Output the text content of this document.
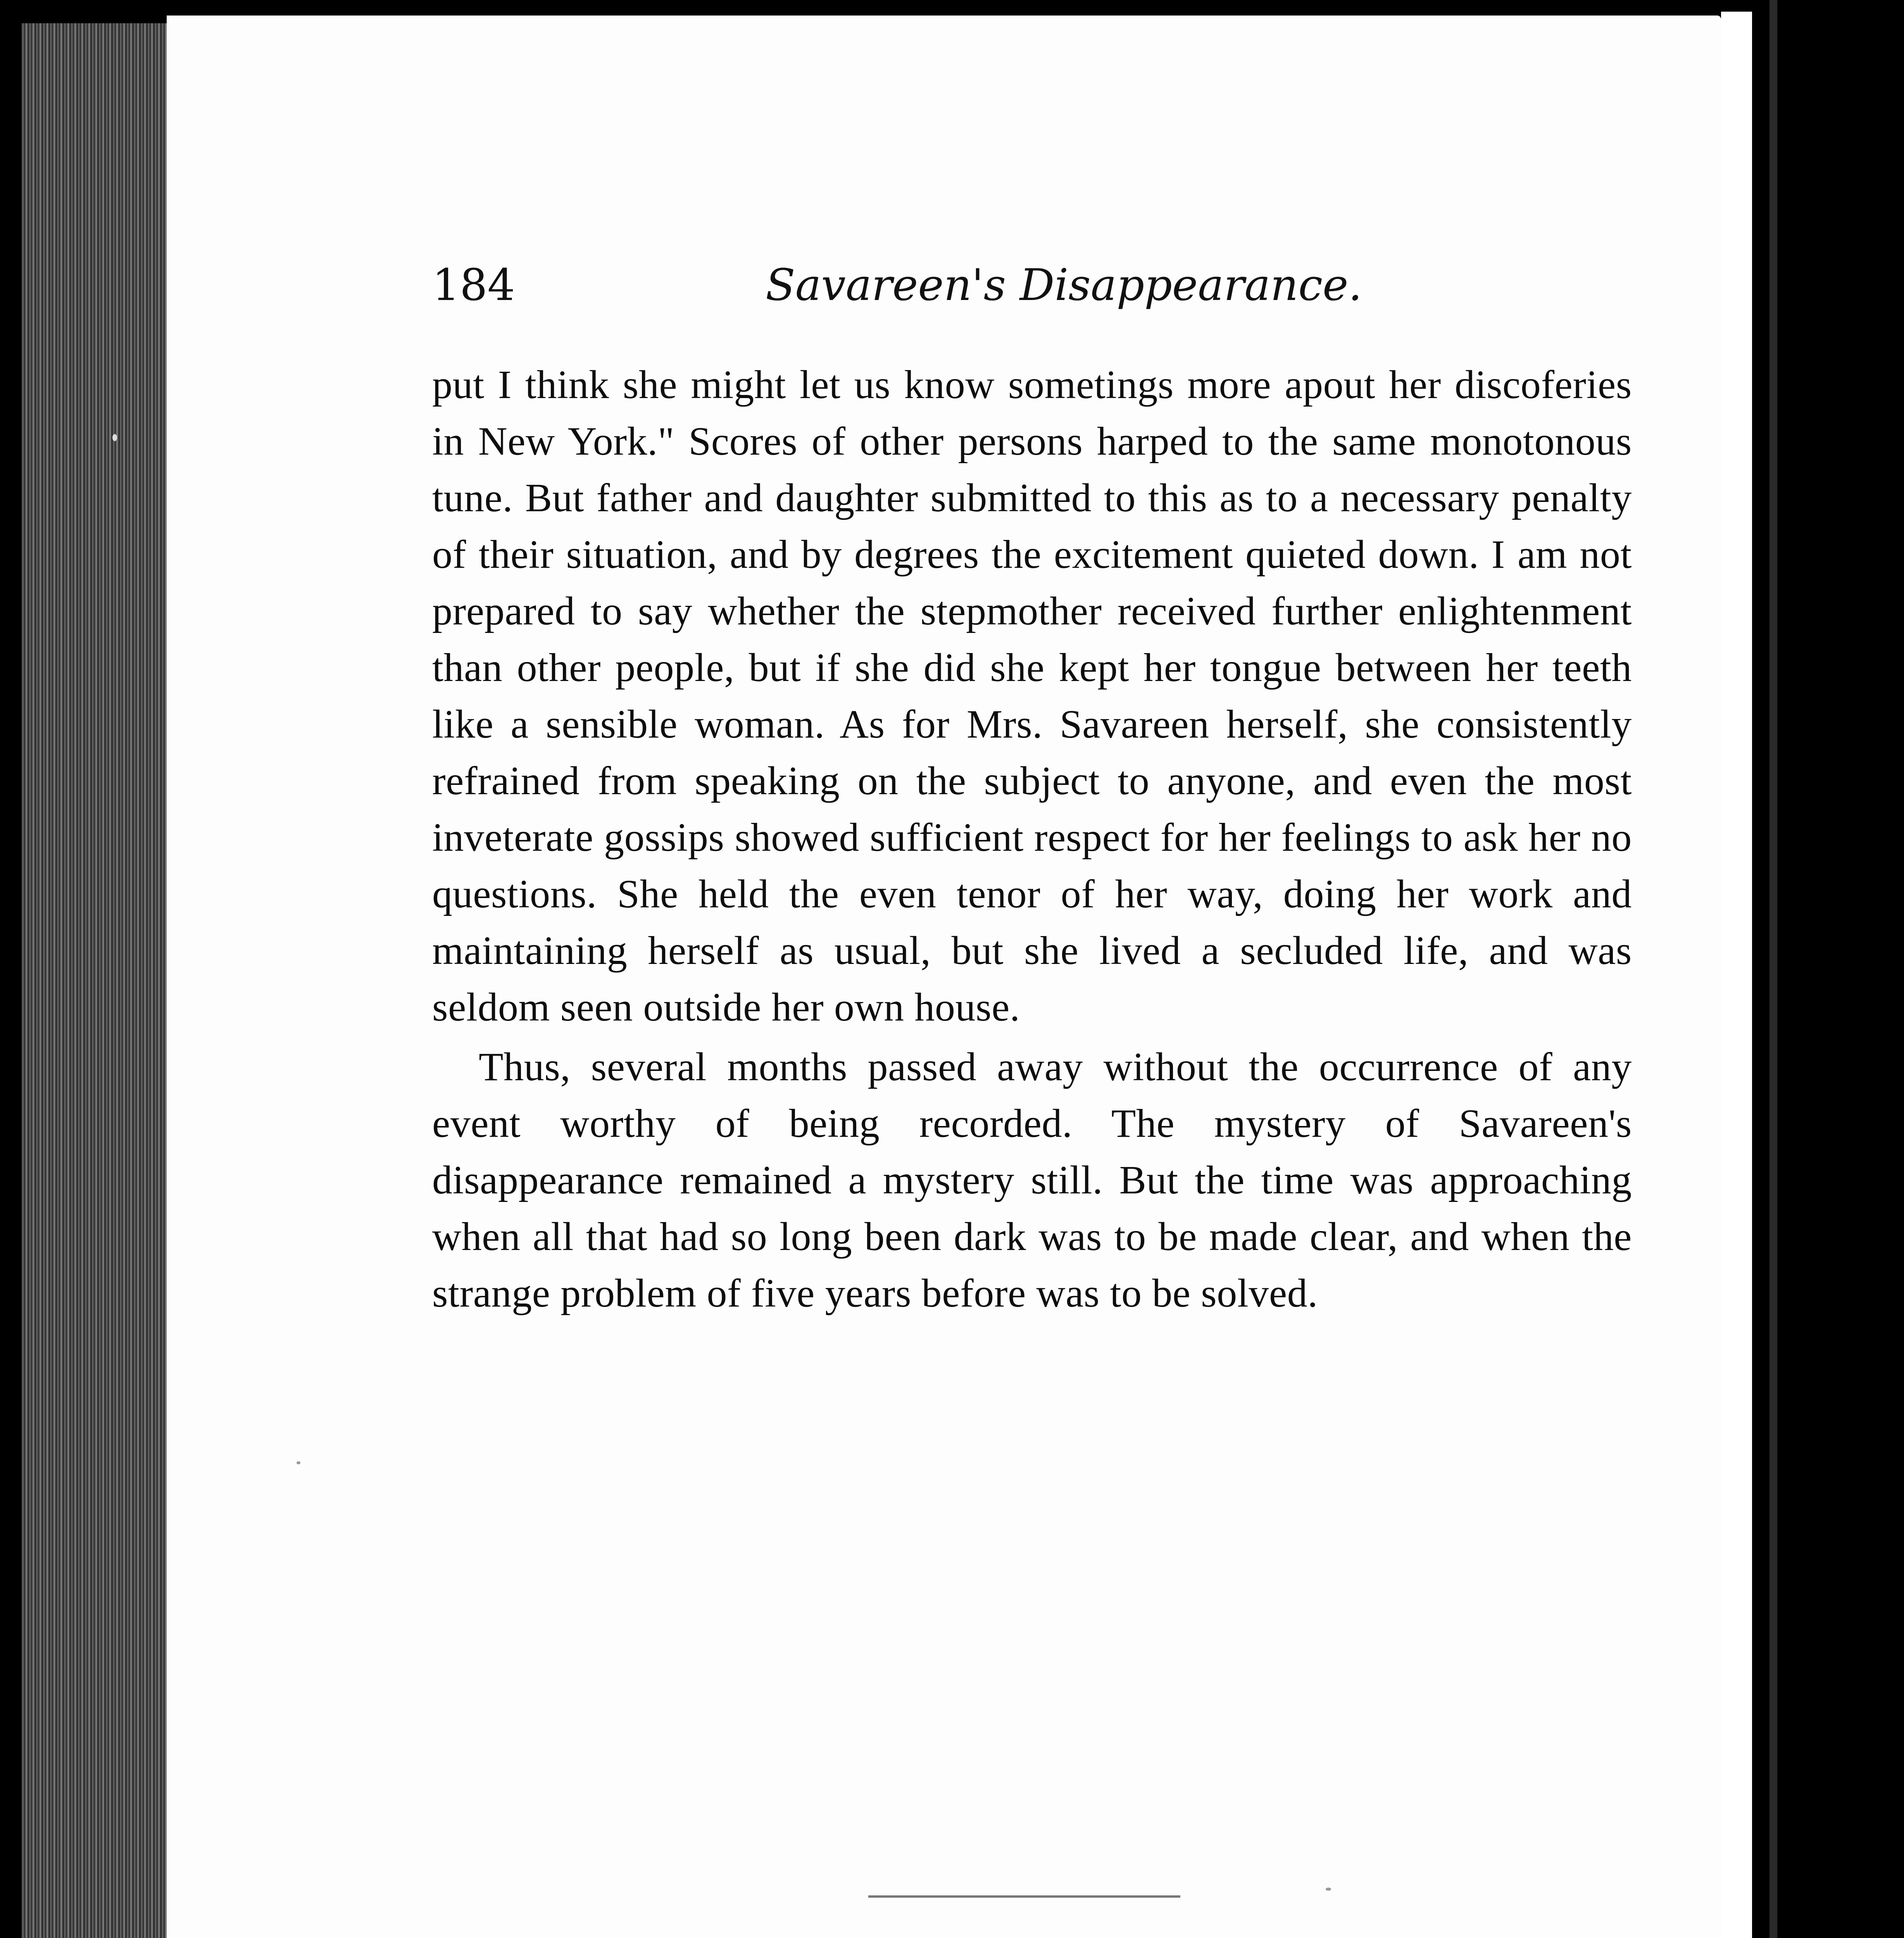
184	Savareen's Disappearance.

put I think she might let us know sometings more apout her discoferies in New York." Scores of other persons harped to the same monotonous tune. But father and daughter submitted to this as to a necessary penalty of their situation, and by degrees the excitement quieted down. I am not prepared to say whether the stepmother received further enlightenment than other people, but if she did she kept her tongue between her teeth like a sensible woman. As for Mrs. Savareen herself, she consistently refrained from speaking on the subject to anyone, and even the most inveterate gossips showed sufficient respect for her feelings to ask her no questions. She held the even tenor of her way, doing her work and maintaining herself as usual, but she lived a secluded life, and was seldom seen outside her own house.

Thus, several months passed away without the occurrence of any event worthy of being recorded. The mystery of Savareen's disappearance remained a mystery still. But the time was approaching when all that had so long been dark was to be made clear, and when the strange problem of five years before was to be solved.
